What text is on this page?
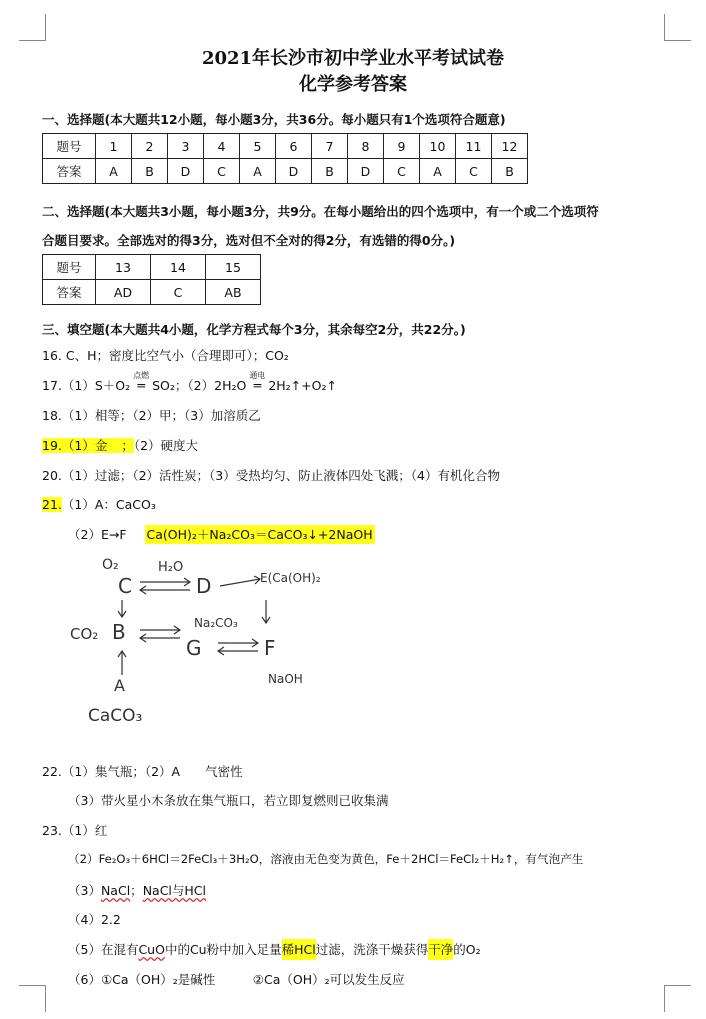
2021年长沙市初中学业水平考试试卷
化学参考答案
一、选择题(本大题共12小题，每小题3分，共36分。每小题只有1个选项符合题意)
题号	1	2	3	4	5	6	7	8	9	10	11	12
答案	A	B	D	C	A	D	B	D	C	A	C	B
二、选择题(本大题共3小题，每小题3分，共9分。在每小题给出的四个选项中，有一个或二个选项符
合题目要求。全部选对的得3分，选对但不全对的得2分，有选错的得0分。)
题号	13	14	15
答案	AD	C	AB
三、填空题(本大题共4小题，化学方程式每个3分，其余每空2分，共22分。)
16. C、H；密度比空气小（合理即可）；CO₂
17.（1）S＋O₂
点燃
═ SO₂；（2）2H₂O
通电
═ 2H₂↑+O₂↑
18.（1）相等；（2）甲；（3）加溶质乙
19.（1）金 ；（2）硬度大
20.（1）过滤；（2）活性炭；（3）受热均匀、防止液体四处飞溅；（4）有机化合物
21.（1）A：CaCO₃
（2）E→F Ca(OH)₂＋Na₂CO₃＝CaCO₃↓+2NaOH
O₂	H₂O
C	D	E(Ca(OH)₂
CO₂ B	Na₂CO₃
G	F
NaOH
A
CaCO₃
22.（1）集气瓶；（2）A　　气密性
（3）带火星小木条放在集气瓶口，若立即复燃则已收集满
23.（1）红
（2）Fe₂O₃＋6HCl＝2FeCl₃＋3H₂O，溶液由无色变为黄色，Fe＋2HCl＝FeCl₂＋H₂↑，有气泡产生
（3）NaCl；NaCl与HCl
（4）2.2
（5）在混有CuO中的Cu粉中加入足量稀HCl过滤，洗涤干燥获得干净的O₂
（6）①Ca（OH）₂是碱性　　　②Ca（OH）₂可以发生反应
